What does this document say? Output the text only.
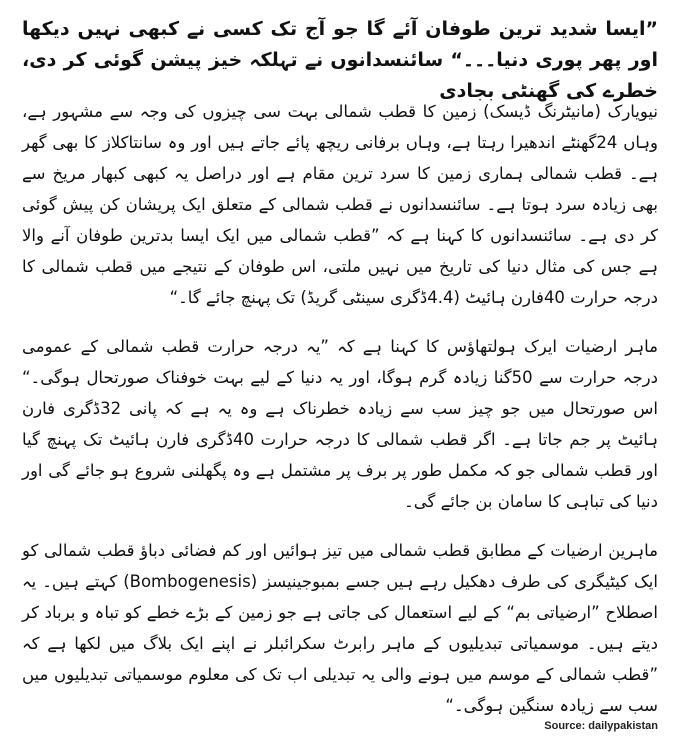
”ایسا شدید ترین طوفان آئے گا جو آج تک کسی نے کبھی نہیں دیکھا اور پھر پوری دنیا۔۔۔“ سائنسدانوں نے تہلکہ خیز پیشن گوئی کر دی، خطرے کی گھنٹی بجادی

نیویارک (مانیٹرنگ ڈیسک) زمین کا قطب شمالی بہت سی چیزوں کی وجہ سے مشہور ہے، وہاں 24گھنٹے اندھیرا رہتا ہے، وہاں برفانی ریچھ پائے جاتے ہیں اور وہ سانتاکلاز کا بھی گھر ہے۔ قطب شمالی ہماری زمین کا سرد ترین مقام ہے اور دراصل یہ کبھی کبھار مریخ سے بھی زیادہ سرد ہوتا ہے۔ سائنسدانوں نے قطب شمالی کے متعلق ایک پریشان کن پیش گوئی کر دی ہے۔ سائنسدانوں کا کہنا ہے کہ ”قطب شمالی میں ایک ایسا بدترین طوفان آنے والا ہے جس کی مثال دنیا کی تاریخ میں نہیں ملتی، اس طوفان کے نتیجے میں قطب شمالی کا درجہ حرارت 40فارن ہائیٹ (4.4ڈگری سینٹی گریڈ) تک پہنچ جائے گا۔“

ماہر ارضیات ایرک ہولتھاﺅس کا کہنا ہے کہ ”یہ درجہ حرارت قطب شمالی کے عمومی درجہ حرارت سے 50گنا زیادہ گرم ہوگا، اور یہ دنیا کے لیے بہت خوفناک صورتحال ہوگی۔“ اس صورتحال میں جو چیز سب سے زیادہ خطرناک ہے وہ یہ ہے کہ پانی 32ڈگری فارن ہائیٹ پر جم جاتا ہے۔ اگر قطب شمالی کا درجہ حرارت 40ڈگری فارن ہائیٹ تک پہنچ گیا اور قطب شمالی جو کہ مکمل طور پر برف پر مشتمل ہے وہ پگھلنی شروع ہو جائے گی اور دنیا کی تباہی کا سامان بن جائے گی۔

ماہرین ارضیات کے مطابق قطب شمالی میں تیز ہوائیں اور کم فضائی دباﺅ قطب شمالی کو ایک کیٹیگری کی طرف دھکیل رہے ہیں جسے بمبوجینیسز (Bombogenesis) کہتے ہیں۔ یہ اصطلاح ”ارضیاتی بم“ کے لیے استعمال کی جاتی ہے جو زمین کے بڑے خطے کو تباہ و برباد کر دیتے ہیں۔ موسمیاتی تبدیلیوں کے ماہر رابرٹ سکرائبلر نے اپنے ایک بلاگ میں لکھا ہے کہ ”قطب شمالی کے موسم میں ہونے والی یہ تبدیلی اب تک کی معلوم موسمیاتی تبدیلیوں میں سب سے زیادہ سنگین ہوگی۔“

Source: dailypakistan
